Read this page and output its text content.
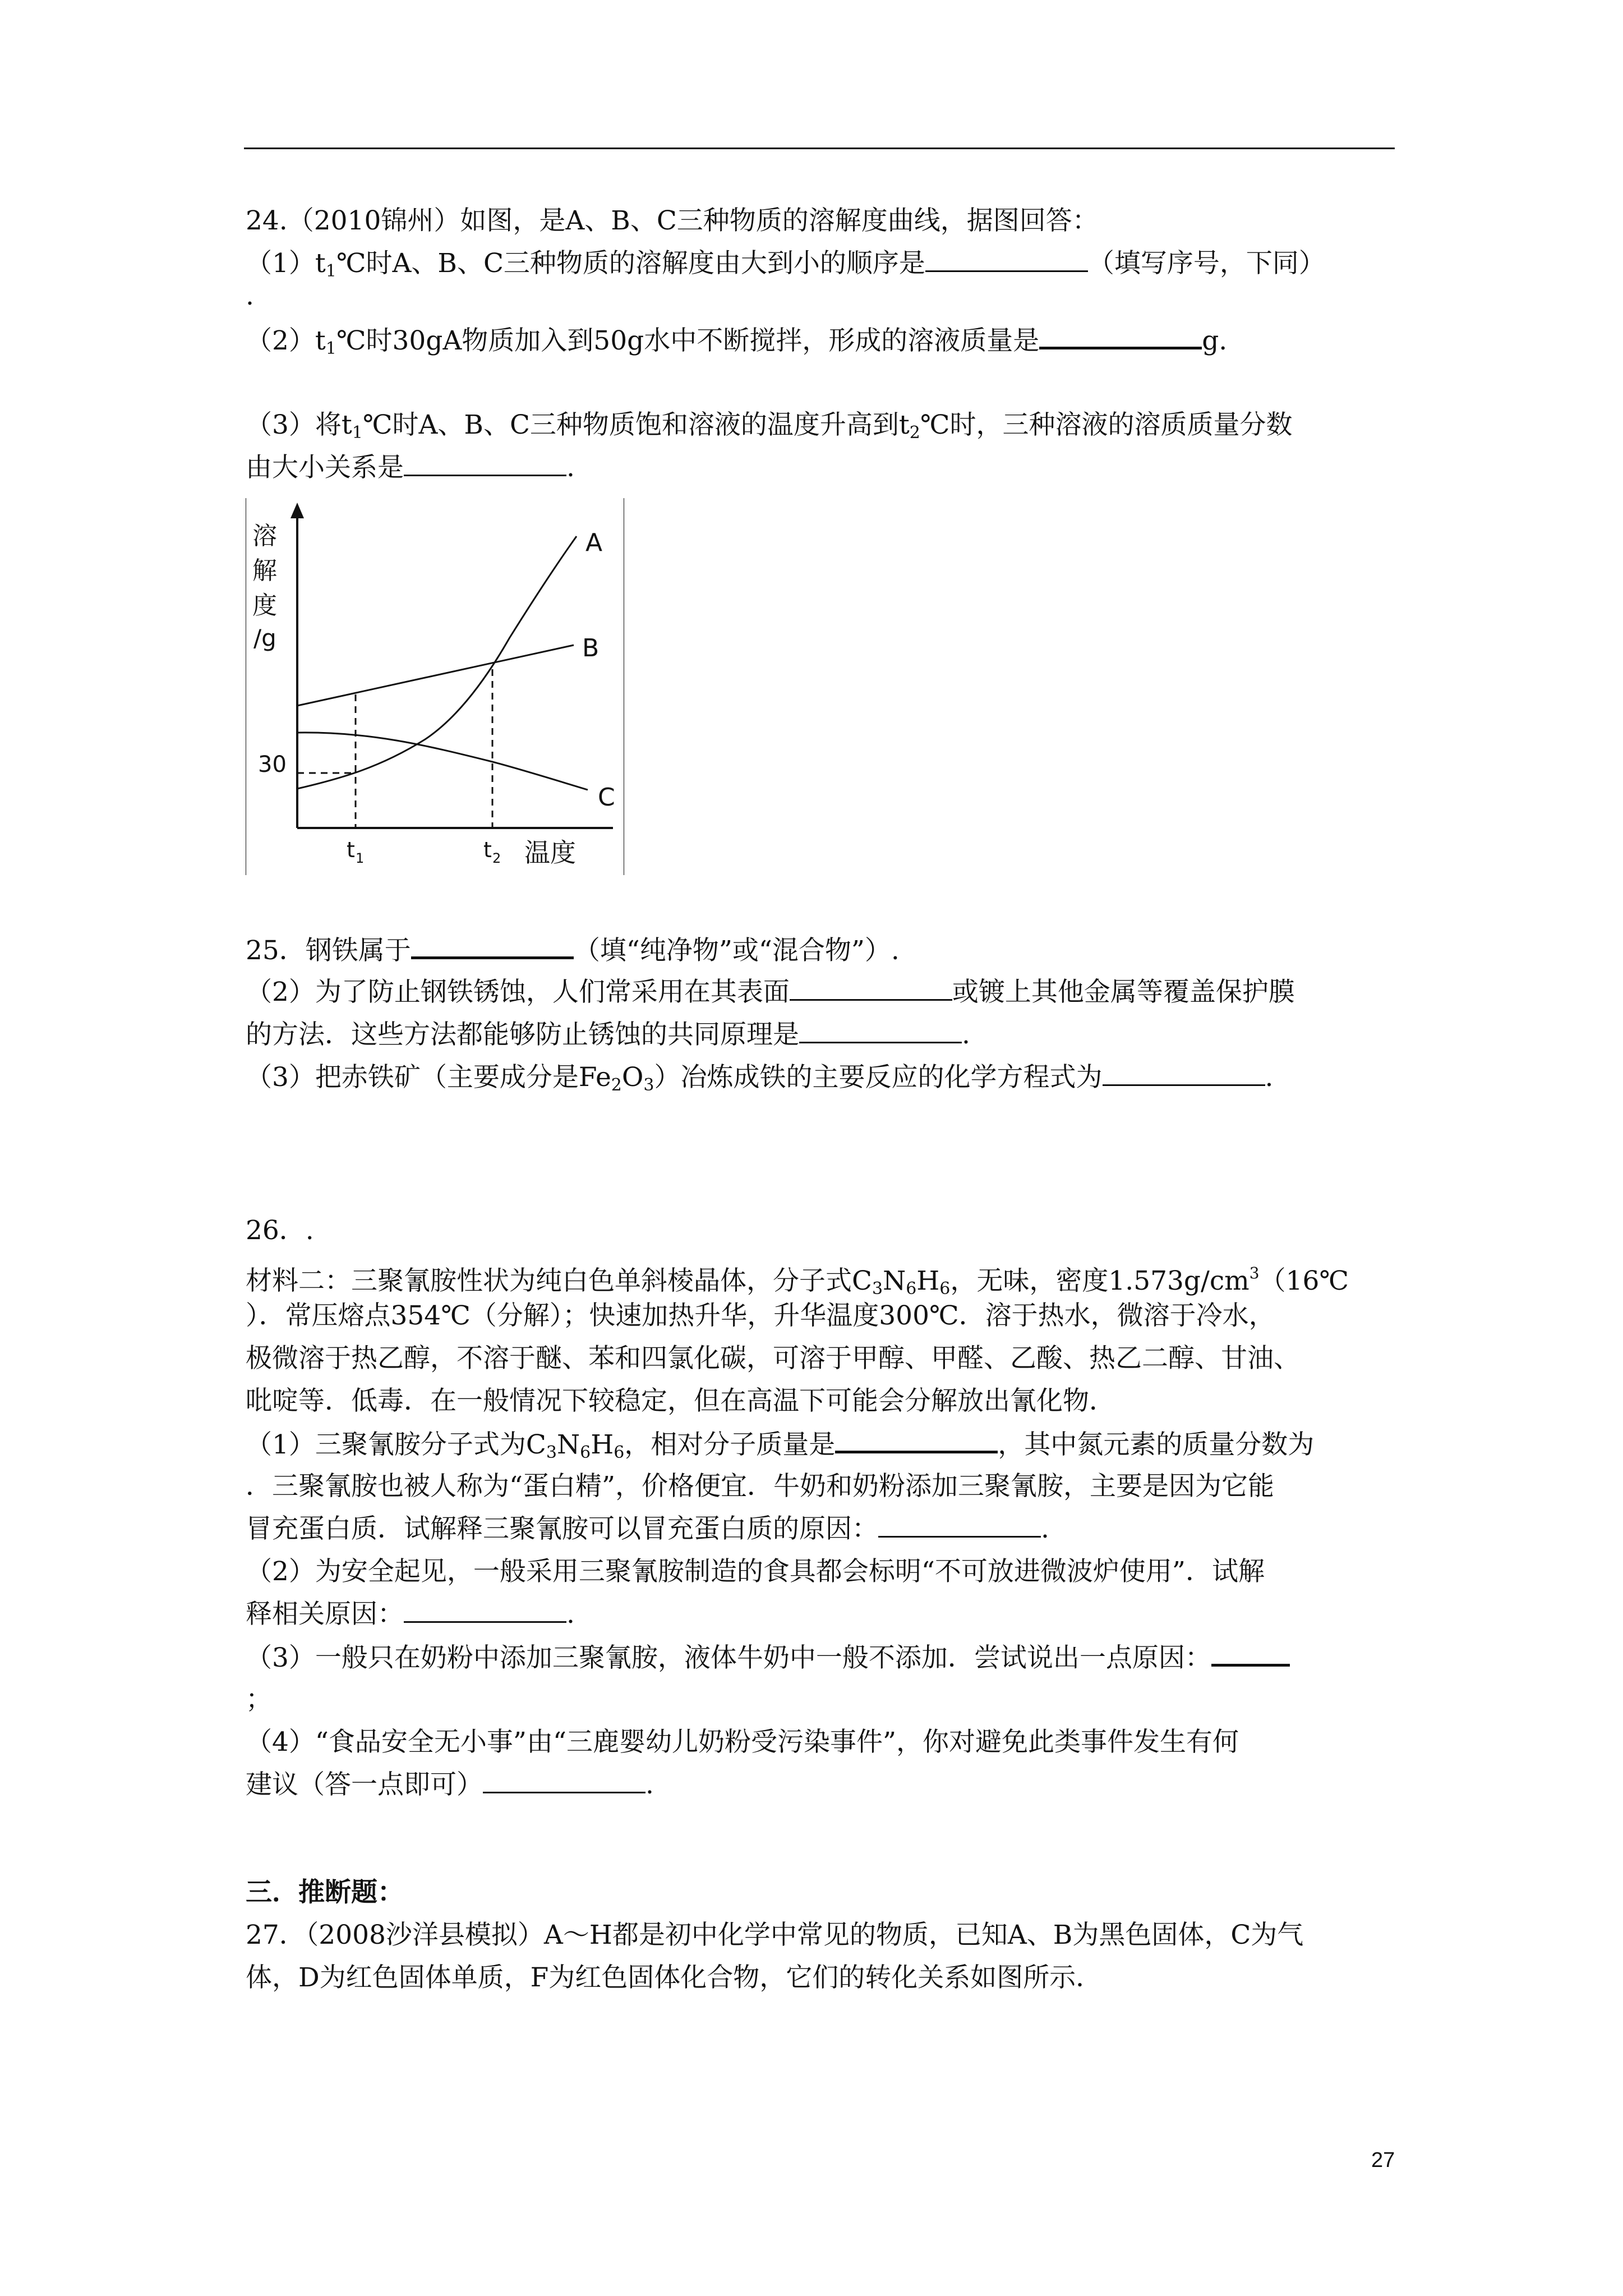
24.（2010锦州）如图，是A、B、C三种物质的溶解度曲线，据图回答：
$(1)t_1℃$时A、B、C三种物质的溶解度由大到小的顺序是	（填写序号，下同）
.
$(2)t_1℃$时30gA物质加入到50g水中不断搅拌，形成的溶液质量是	g.
（3）将$t_1℃$时A、B、C三种物质饱和溶液的温度升高到$t_2℃$时，三种溶液的溶质质量分数
由大小关系是	.
溶
解
度
/g
30
A
B
C
t 1	t 2 温度
25．钢铁属于	（填“纯净物”或“混合物”）.
（2）为了防止钢铁锈蚀，人们常采用在其表面	或镀上其他金属等覆盖保护膜
的方法．这些方法都能够防止锈蚀的共同原理是	.
（3）把赤铁矿（主要成分是$Fe_2O_3$）冶炼成铁的主要反应的化学方程式为	.
26．.
材料二：三聚氰胺性状为纯白色单斜棱晶体，分子式$C_3N_6H_6$，无味，密度$1.573g/cm^3(16℃$
）．常压熔点354℃（分解）；快速加热升华，升华温度300℃．溶于热水，微溶于冷水，
极微溶于热乙醇，不溶于醚、苯和四氯化碳，可溶于甲醇、甲醛、乙酸、热乙二醇、甘油、
吡啶等．低毒．在一般情况下较稳定，但在高温下可能会分解放出氰化物．
（1）三聚氰胺分子式为$C_3N_6H_6$，相对分子质量是	，其中氮元素的质量分数为
．三聚氰胺也被人称为“蛋白精”，价格便宜．牛奶和奶粉添加三聚氰胺，主要是因为它能
冒充蛋白质．试解释三聚氰胺可以冒充蛋白质的原因：	.
（2）为安全起见，一般采用三聚氰胺制造的食具都会标明“不可放进微波炉使用”．试解
释相关原因：	.
（3）一般只在奶粉中添加三聚氰胺，液体牛奶中一般不添加．尝试说出一点原因：
；
（4）“食品安全无小事”由“三鹿婴幼儿奶粉受污染事件”，你对避免此类事件发生有何
建议（答一点即可）	.
三．推断题：
27．（2008沙洋县模拟）A～H都是初中化学中常见的物质，已知A、B为黑色固体，C为气
体，D为红色固体单质，F为红色固体化合物，它们的转化关系如图所示．
27
